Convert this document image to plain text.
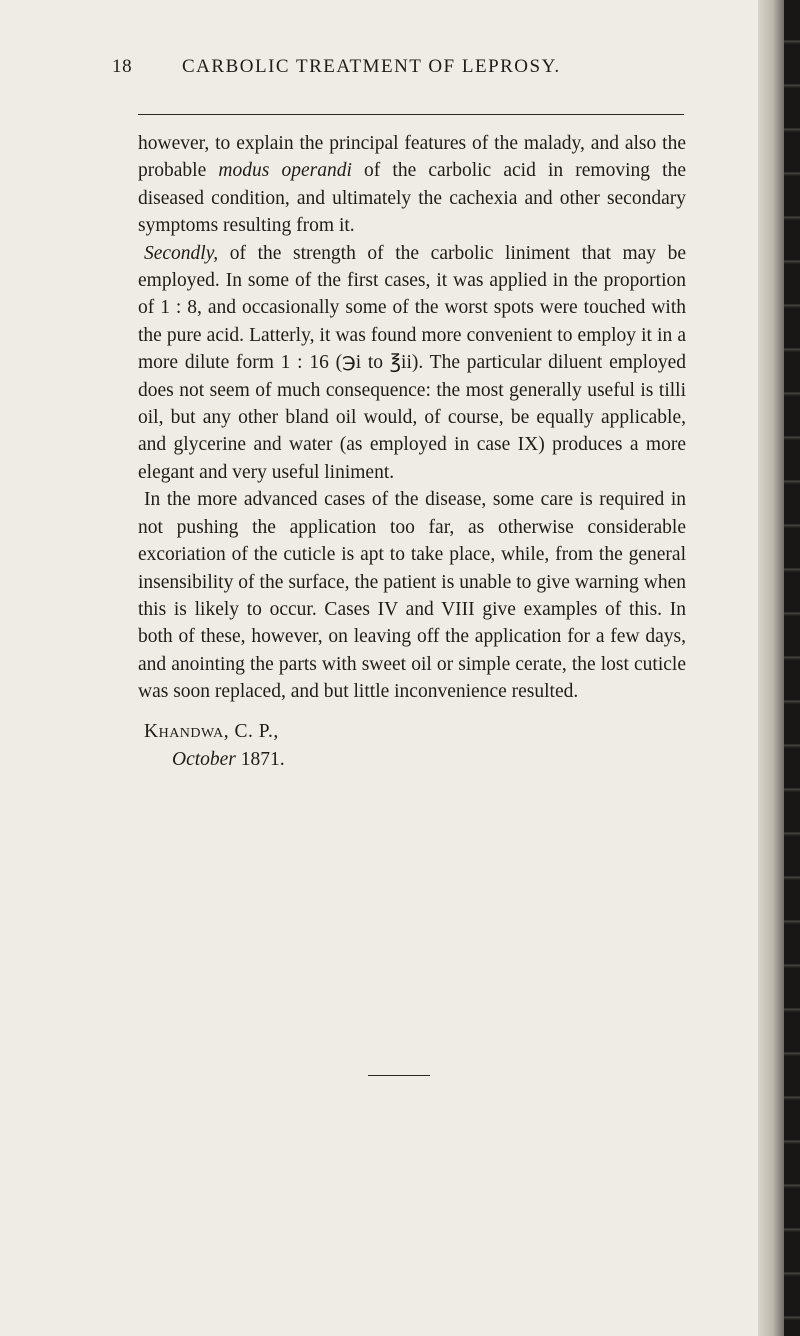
18	CARBOLIC TREATMENT OF LEPROSY.

however, to explain the principal features of the malady, and also the probable modus operandi of the carbolic acid in removing the diseased condition, and ultimately the cachexia and other secondary symptoms resulting from it.

Secondly, of the strength of the carbolic liniment that may be employed. In some of the first cases, it was applied in the proportion of 1 : 8, and occasionally some of the worst spots were touched with the pure acid. Latterly, it was found more convenient to employ it in a more dilute form 1 : 16 (℈i to ℥ii). The particular diluent employed does not seem of much consequence: the most generally useful is tilli oil, but any other bland oil would, of course, be equally applicable, and glycerine and water (as employed in case IX) produces a more elegant and very useful liniment.

In the more advanced cases of the disease, some care is required in not pushing the application too far, as otherwise considerable excoriation of the cuticle is apt to take place, while, from the general insensibility of the surface, the patient is unable to give warning when this is likely to occur. Cases IV and VIII give examples of this. In both of these, however, on leaving off the application for a few days, and anointing the parts with sweet oil or simple cerate, the lost cuticle was soon replaced, and but little inconvenience resulted.

Khandwa, C. P.,
October 1871.
